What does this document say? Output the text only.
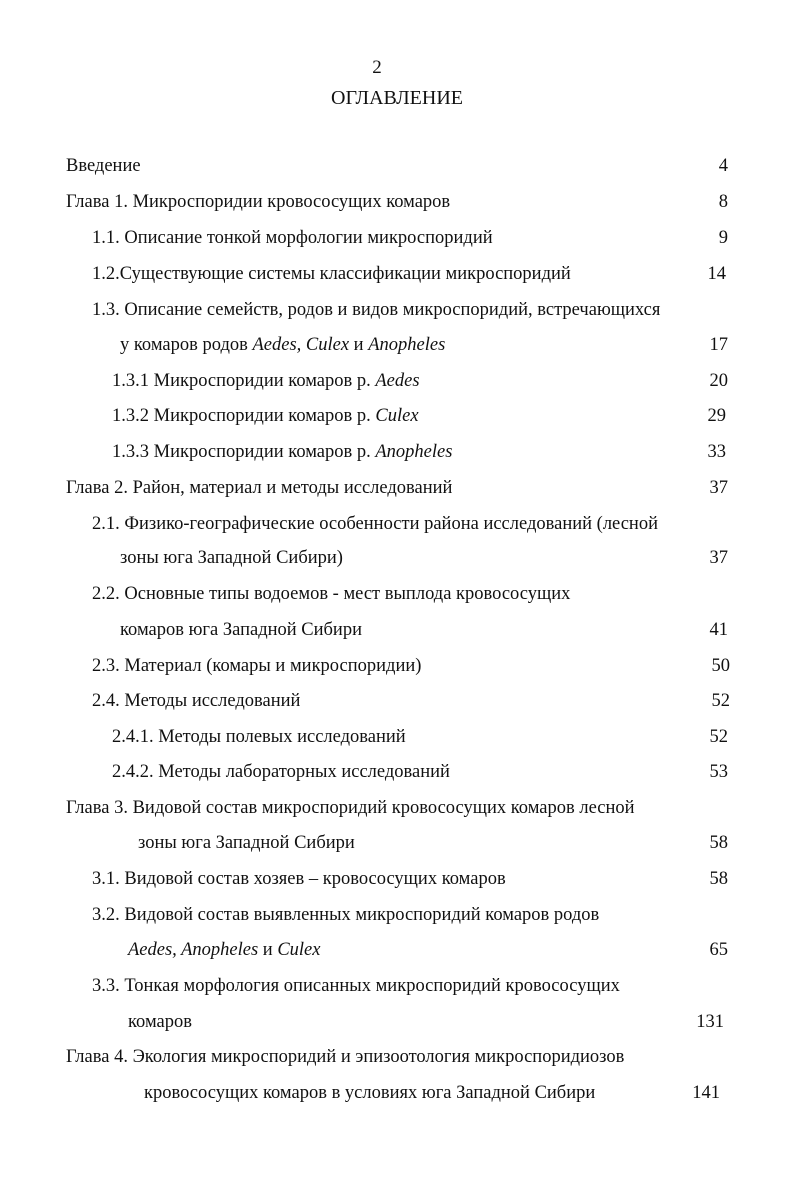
2
ОГЛАВЛЕНИЕ
Введение	4
Глава 1. Микроспоридии кровососущих комаров	8
1.1. Описание тонкой морфологии микроспоридий	9
1.2.Существующие системы классификации микроспоридий	14
1.3. Описание семейств, родов и видов микроспоридий, встречающихся
у комаров родов Aedes, Culex и Anopheles	17
1.3.1 Микроспоридии комаров р. Aedes	20
1.3.2 Микроспоридии комаров р. Culex	29
1.3.3 Микроспоридии комаров р. Anopheles	33
Глава 2. Район, материал и методы исследований	37
2.1. Физико-географические особенности района исследований (лесной
зоны юга Западной Сибири)	37
2.2. Основные типы водоемов - мест выплода кровососущих
комаров юга Западной Сибири	41
2.3. Материал (комары и микроспоридии)	50
2.4. Методы исследований	52
2.4.1. Методы полевых исследований	52
2.4.2. Методы лабораторных исследований	53
Глава 3. Видовой состав микроспоридий кровососущих комаров лесной
зоны юга Западной Сибири	58
3.1. Видовой состав хозяев – кровососущих комаров	58
3.2. Видовой состав выявленных микроспоридий комаров родов
Aedes, Anopheles и Culex	65
3.3. Тонкая морфология описанных микроспоридий кровососущих
комаров	131
Глава 4. Экология микроспоридий и эпизоотология микроспоридиозов
кровососущих комаров в условиях юга Западной Сибири	141
